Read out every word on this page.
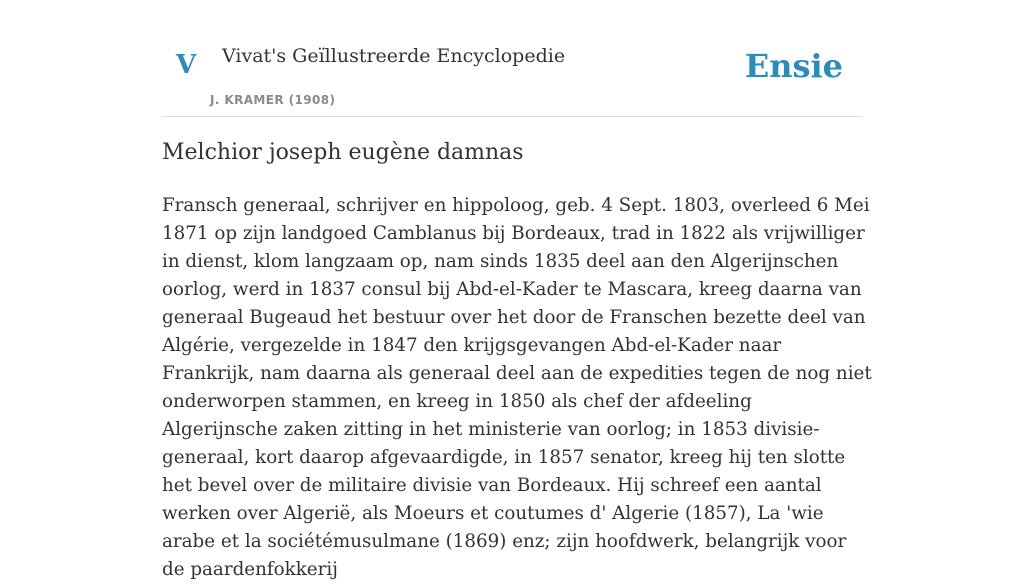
V Vivat's Geïllustreerde Encyclopedie
J. KRAMER (1908)
Ensie
Melchior joseph eugène damnas

Fransch generaal, schrijver en hippoloog, geb. 4 Sept. 1803, overleed 6 Mei 1871 op zijn landgoed Camblanus bij Bordeaux, trad in 1822 als vrijwilliger in dienst, klom langzaam op, nam sinds 1835 deel aan den Algerijnschen oorlog, werd in 1837 consul bij Abd-el-Kader te Mascara, kreeg daarna van generaal Bugeaud het bestuur over het door de Franschen bezette deel van Algérie, vergezelde in 1847 den krijgsgevangen Abd-el-Kader naar Frankrijk, nam daarna als generaal deel aan de expedities tegen de nog niet onderworpen stammen, en kreeg in 1850 als chef der afdeeling Algerijnsche zaken zitting in het ministerie van oorlog; in 1853 divisie-generaal, kort daarop afgevaardigde, in 1857 senator, kreeg hij ten slotte het bevel over de militaire divisie van Bordeaux. Hij schreef een aantal werken over Algerië, als Moeurs et coutumes d' Algerie (1857), La 'wie arabe et la sociétémusulmane (1869) enz; zijn hoofdwerk, belangrijk voor de paardenfokkerij
